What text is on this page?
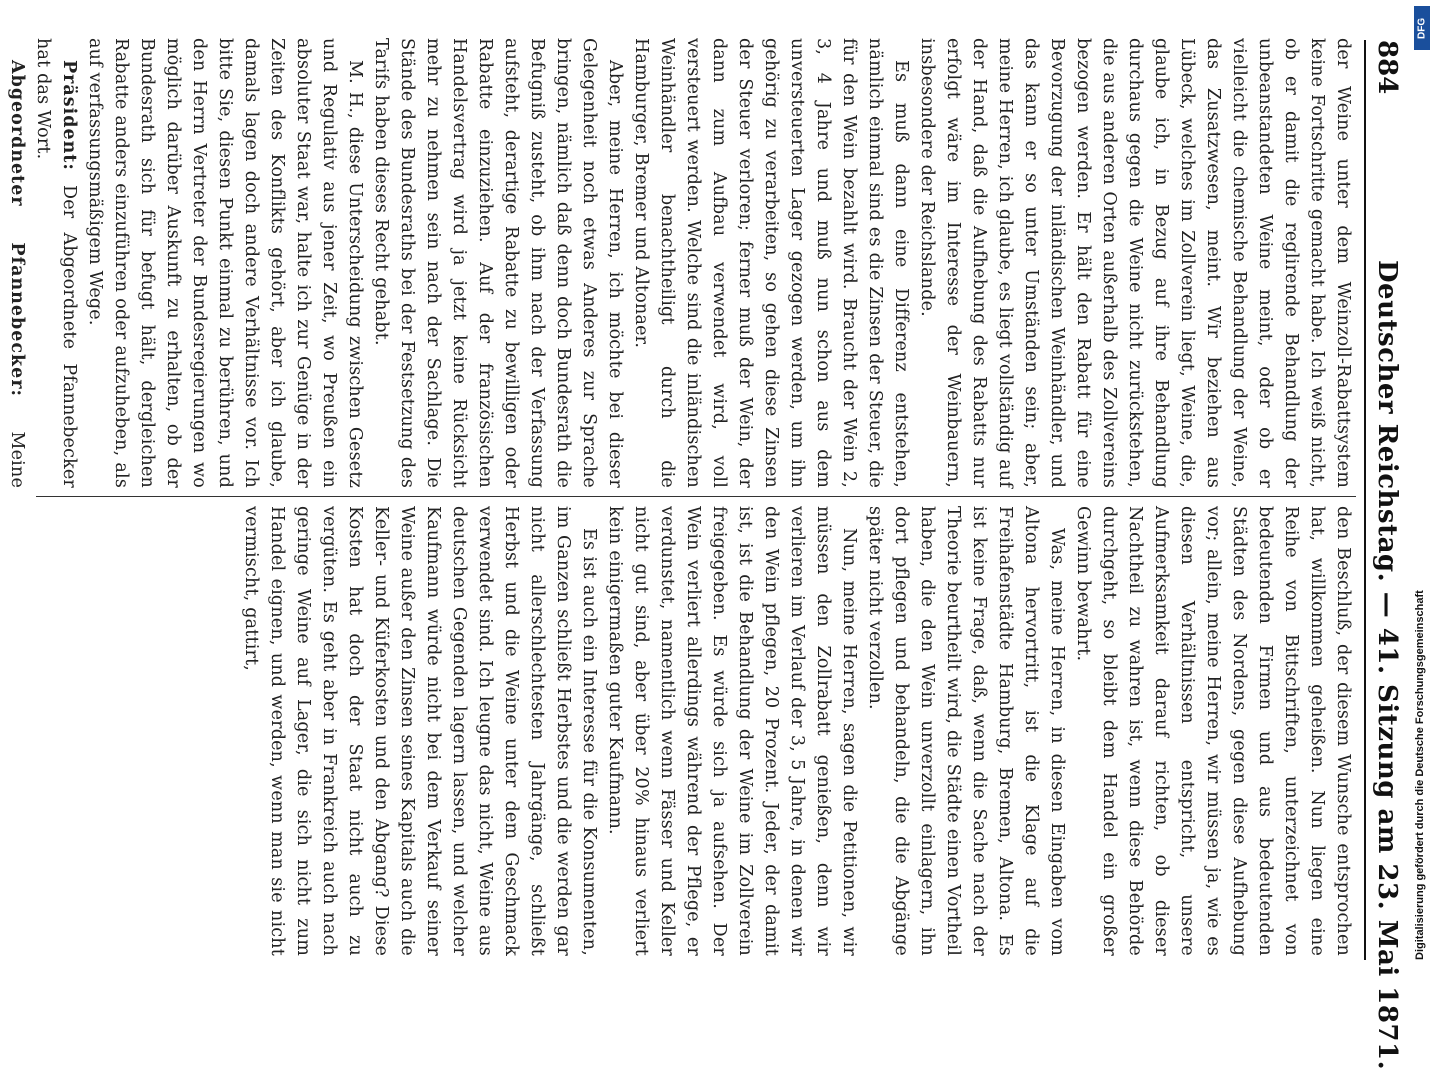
884
Deutscher Reichstag. — 41. Sitzung am 23. Mai 1871.

der Weine unter dem Weinzoll-Rabattsystem keine Fortschritte gemacht habe. Ich weiß nicht, ob er damit die reglirende Behandlung der unbeanstandeten Weine meint, oder ob er vielleicht die chemische Behandlung der Weine, das Zusatzwesen, meint. Wir beziehen aus Lübeck, welches im Zollverein liegt, Weine, die, glaube ich, in Bezug auf ihre Behandlung durchaus gegen die Weine nicht zurückstehen, die aus anderen Orten außerhalb des Zollvereins bezogen werden. Er hält den Rabatt für eine Bevorzugung der inländischen Weinhändler, und das kann er so unter Umständen sein; aber, meine Herren, ich glaube, es liegt vollständig auf der Hand, daß die Aufhebung des Rabatts nur erfolgt wäre im Interesse der Weinbauern, insbesondere der Reichslande.

Es muß dann eine Differenz entstehen, nämlich einmal sind es die Zinsen der Steuer, die für den Wein bezahlt wird. Braucht der Wein 2, 3, 4 Jahre und muß nun schon aus dem unversteuerten Lager gezogen werden, um ihn gehörig zu verarbeiten, so gehen diese Zinsen der Steuer verloren; ferner muß der Wein, der dann zum Aufbau verwendet wird, voll versteuert werden. Welche sind die inländischen Weinhändler benachtheiligt durch die Hamburger, Bremer und Altonaer.

Aber, meine Herren, ich möchte bei dieser Gelegenheit noch etwas Anderes zur Sprache bringen, nämlich daß denn doch Bundesrath die Befugniß zusteht, ob ihm nach der Verfassung aufsteht, derartige Rabatte zu bewilligen oder Rabatte einzuziehen. Auf der französischen Handelsvertrag wird ja jetzt keine Rücksicht mehr zu nehmen sein nach der Sachlage. Die Stände des Bundesraths bei der Festsetzung des Tarifs haben dieses Recht gehabt.

M. H., diese Unterscheidung zwischen Gesetz und Regulativ aus jener Zeit, wo Preußen ein absoluter Staat war, halte ich zur Genüge in der Zeiten des Konflikts gehört, aber ich glaube, damals lagen doch andere Verhältnisse vor. Ich bitte Sie, diesen Punkt einmal zu berühren, und den Herrn Vertreter der Bundesregierungen wo möglich darüber Auskunft zu erhalten, ob der Bundesrath sich für befugt hält, dergleichen Rabatte anders einzuführen oder aufzuheben, als auf verfassungsmäßigem Wege.

Präsident: Der Abgeordnete Pfannebecker hat das Wort.

Abgeordneter Pfannebecker: Meine

den Beschluß, der diesem Wunsche entsprochen hat, willkommen geheißen. Nun liegen eine Reihe von Bittschriften, unterzeichnet von bedeutenden Firmen und aus bedeutenden Städten des Nordens, gegen diese Aufhebung vor; allein, meine Herren, wir müssen ja, wie es diesen Verhältnissen entspricht, unsere Aufmerksamkeit darauf richten, ob dieser Nachtheil zu wahren ist, wenn diese Behörde durchgeht, so bleibt dem Handel ein großer Gewinn bewahrt.

Was, meine Herren, in diesen Eingaben vom Altona hervortritt, ist die Klage auf die Freihafenstädte Hamburg, Bremen, Altona. Es ist keine Frage, daß, wenn die Sache nach der Theorie beurtheilt wird, die Städte einen Vortheil haben, die den Wein unverzollt einlagern, ihn dort pflegen und behandeln, die die Abgänge später nicht verzollen.

Nun, meine Herren, sagen die Petitionen, wir müssen den Zollrabatt genießen, denn wir verlieren im Verlauf der 3, 5 Jahre, in denen wir den Wein pflegen, 20 Prozent. Jeder, der damit ist, ist die Behandlung der Weine im Zollverein freigegeben. Es würde sich ja aufsehen. Der Wein verliert allerdings während der Pflege, er verdunstet, namentlich wenn Fässer und Keller nicht gut sind, aber über 20% hinaus verliert kein einigermaßen guter Kaufmann.

Es ist auch ein Interesse für die Konsumenten, im Ganzen schließt Herbstes und die werden gar nicht allerschlechtesten Jahrgänge, schließt Herbst und die Weine unter dem Geschmack verwendet sind. Ich leugne das nicht, Weine aus deutschen Gegenden lagern lassen, und welcher Kaufmann würde nicht bei dem Verkauf seiner Weine außer den Zinsen seines Kapitals auch die Keller- und Küferkosten und den Abgang? Diese Kosten hat doch der Staat nicht auch zu vergüten. Es geht aber in Frankreich auch nach geringe Weine auf Lager, die sich nicht zum Handel eignen, und werden, wenn man sie nicht vermischt, gattirt,

DFG
Digitalisierung gefördert durch die Deutsche Forschungsgemeinschaft
